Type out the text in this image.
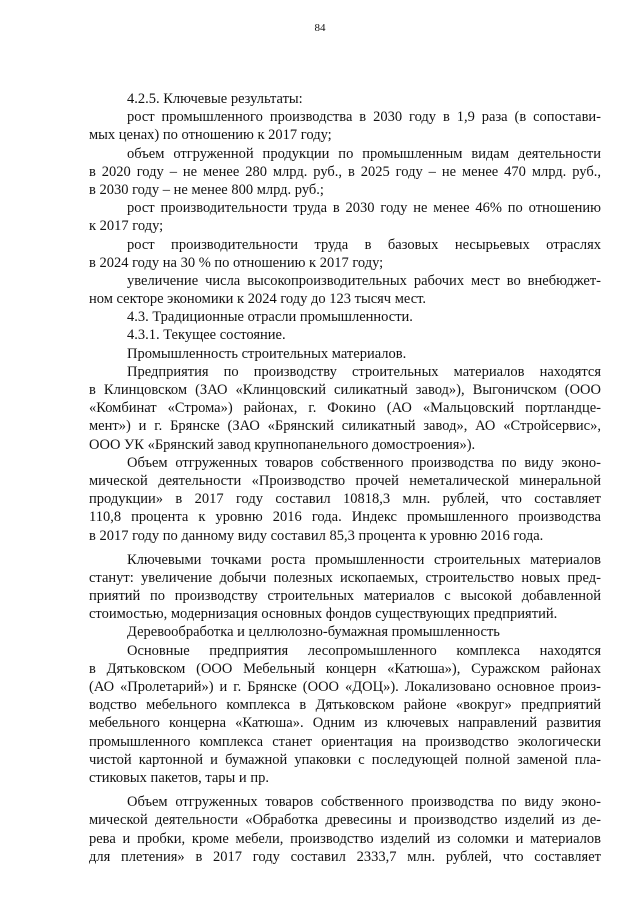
84
4.2.5. Ключевые результаты:
рост промышленного производства в 2030 году в 1,9 раза (в сопостави-
мых ценах) по отношению к 2017 году;
объем отгруженной продукции по промышленным видам деятельности
в 2020 году – не менее 280 млрд. руб., в 2025 году – не менее 470 млрд. руб.,
в 2030 году – не менее 800 млрд. руб.;
рост производительности труда в 2030 году не менее 46% по отношению
к 2017 году;
рост производительности труда в базовых несырьевых отраслях
в 2024 году на 30 % по отношению к 2017 году;
увеличение числа высокопроизводительных рабочих мест во внебюджет-
ном секторе экономики к 2024 году до 123 тысяч мест.
4.3. Традиционные отрасли промышленности.
4.3.1. Текущее состояние.
Промышленность строительных материалов.
Предприятия по производству строительных материалов находятся
в Клинцовском (ЗАО «Клинцовский силикатный завод»), Выгоничском (ООО
«Комбинат «Строма») районах, г. Фокино (АО «Мальцовский портландце-
мент») и г. Брянске (ЗАО «Брянский силикатный завод», АО «Стройсервис»,
ООО УК «Брянский завод крупнопанельного домостроения»).
Объем отгруженных товаров собственного производства по виду эконо-
мической деятельности «Производство прочей неметалической минеральной
продукции» в 2017 году составил 10818,3 млн. рублей, что составляет
110,8 процента к уровню 2016 года. Индекс промышленного производства
в 2017 году по данному виду составил 85,3 процента к уровню 2016 года.
Ключевыми точками роста промышленности строительных материалов
станут: увеличение добычи полезных ископаемых, строительство новых пред-
приятий по производству строительных материалов с высокой добавленной
стоимостью, модернизация основных фондов существующих предприятий.
Деревообработка и целлюлозно-бумажная промышленность
Основные предприятия лесопромышленного комплекса находятся
в Дятьковском (ООО Мебельный концерн «Катюша»), Суражском районах
(АО «Пролетарий») и г. Брянске (ООО «ДОЦ»). Локализовано основное произ-
водство мебельного комплекса в Дятьковском районе «вокруг» предприятий
мебельного концерна «Катюша». Одним из ключевых направлений развития
промышленного комплекса станет ориентация на производство экологически
чистой картонной и бумажной упаковки с последующей полной заменой пла-
стиковых пакетов, тары и пр.
Объем отгруженных товаров собственного производства по виду эконо-
мической деятельности «Обработка древесины и производство изделий из де-
рева и пробки, кроме мебели, производство изделий из соломки и материалов
для плетения» в 2017 году составил 2333,7 млн. рублей, что составляет
